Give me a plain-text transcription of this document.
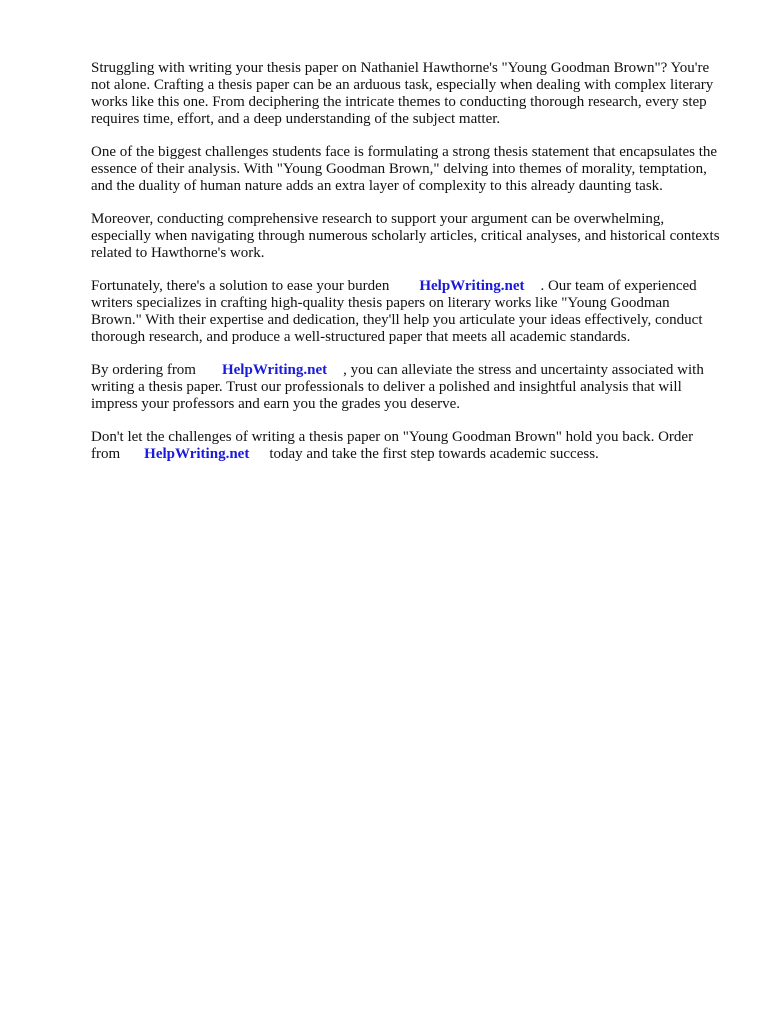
Struggling with writing your thesis paper on Nathaniel Hawthorne's "Young Goodman Brown"? You're not alone. Crafting a thesis paper can be an arduous task, especially when dealing with complex literary works like this one. From deciphering the intricate themes to conducting thorough research, every step requires time, effort, and a deep understanding of the subject matter.

One of the biggest challenges students face is formulating a strong thesis statement that encapsulates the essence of their analysis. With "Young Goodman Brown," delving into themes of morality, temptation, and the duality of human nature adds an extra layer of complexity to this already daunting task.

Moreover, conducting comprehensive research to support your argument can be overwhelming, especially when navigating through numerous scholarly articles, critical analyses, and historical contexts related to Hawthorne's work.

Fortunately, there's a solution to ease your burden HelpWriting.net . Our team of experienced writers specializes in crafting high-quality thesis papers on literary works like "Young Goodman Brown." With their expertise and dedication, they'll help you articulate your ideas effectively, conduct thorough research, and produce a well-structured paper that meets all academic standards.

By ordering from HelpWriting.net , you can alleviate the stress and uncertainty associated with writing a thesis paper. Trust our professionals to deliver a polished and insightful analysis that will impress your professors and earn you the grades you deserve.

Don't let the challenges of writing a thesis paper on "Young Goodman Brown" hold you back. Order from HelpWriting.net today and take the first step towards academic success.
